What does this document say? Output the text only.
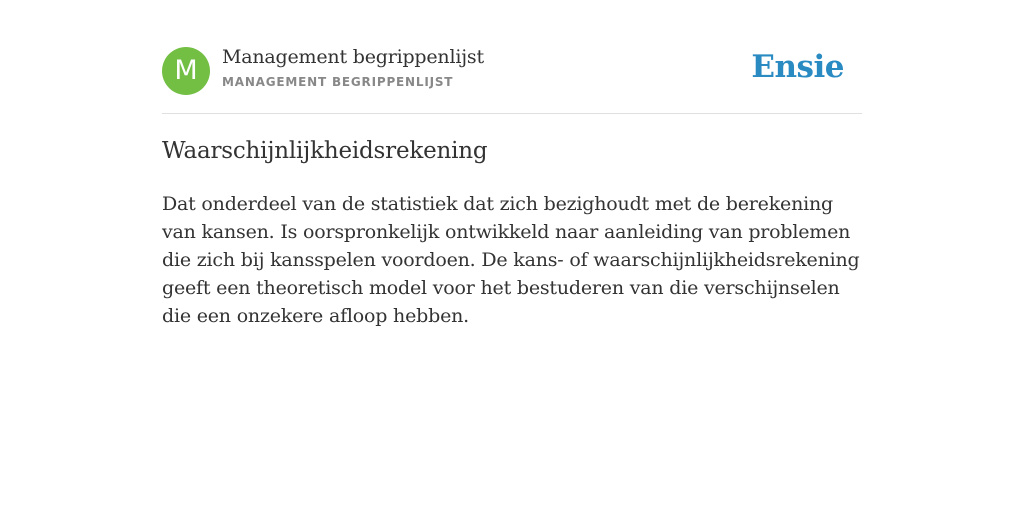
M	Management begrippenlijst
MANAGEMENT BEGRIPPENLIJST	Ensie
Waarschijnlijkheidsrekening
Dat onderdeel van de statistiek dat zich bezighoudt met de berekening van kansen. Is oorspronkelijk ontwikkeld naar aanleiding van problemen die zich bij kansspelen voordoen. De kans- of waarschijnlijkheidsrekening geeft een theoretisch model voor het bestuderen van die verschijnselen die een onzekere afloop hebben.
